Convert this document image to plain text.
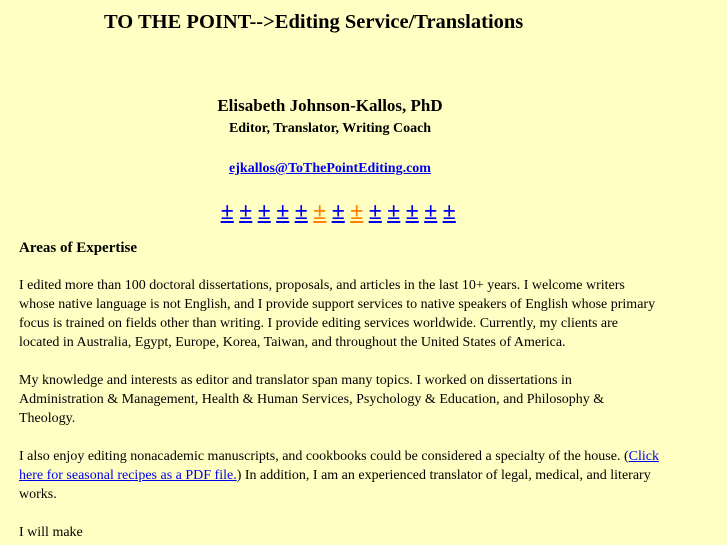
TO THE POINT-->Editing Service/Translations
Elisabeth Johnson-Kallos, PhD
Editor, Translator, Writing Coach
ejkallos@ToThePointEditing.com
± ± ± ± ± ± ± ± ± ± ± ± ±
Areas of Expertise

I edited more than 100 doctoral dissertations, proposals, and articles in the last 10+ years. I welcome writers whose native language is not English, and I provide support services to native speakers of English whose primary focus is trained on fields other than writing. I provide editing services worldwide. Currently, my clients are located in Australia, Egypt, Europe, Korea, Taiwan, and throughout the United States of America.

My knowledge and interests as editor and translator span many topics. I worked on dissertations in Administration & Management, Health & Human Services, Psychology & Education, and Philosophy & Theology.

I also enjoy editing nonacademic manuscripts, and cookbooks could be considered a specialty of the house. (Click here for seasonal recipes as a PDF file.) In addition, I am an experienced translator of legal, medical, and literary works.

I will make
